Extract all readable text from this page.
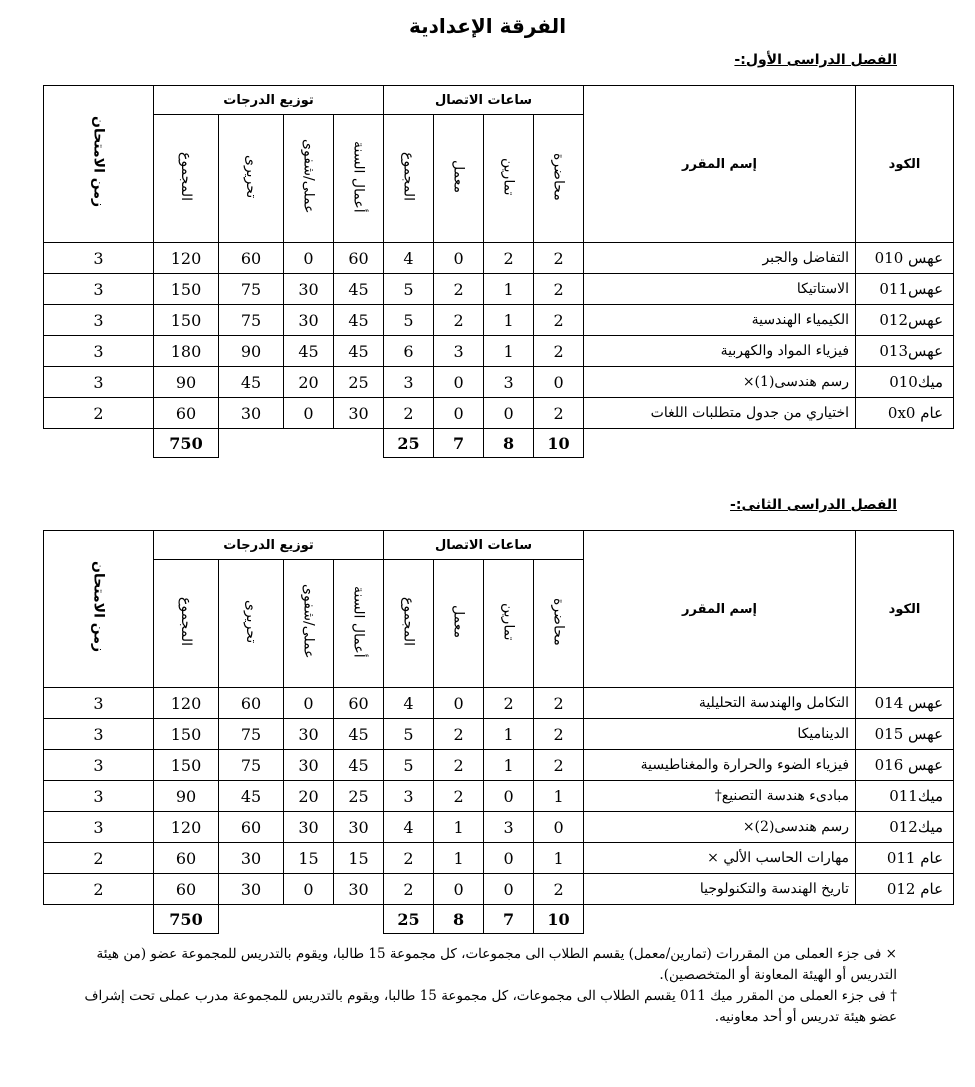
الفرقة الإعدادية
الفصل الدراسى الأول:-
الكود	إسم المقرر	ساعات الاتصال				توزيع الدرجات				زمن الامتحان
		محاضرة	تمارين	معمل	المجموع	أعمال السنة	عملى/شفوى	تحريرى	المجموع	
عهس 010	التفاضل والجبر	2	2	0	4	60	0	60	120	3
عهس011	الاستاتيكا	2	1	2	5	45	30	75	150	3
عهس012	الكيمياء الهندسية	2	1	2	5	45	30	75	150	3
عهس013	فيزياء المواد والكهربية	2	1	3	6	45	45	90	180	3
ميك010	رسم هندسى(1)×	0	3	0	3	25	20	45	90	3
عام 0x0	اختياري من جدول متطلبات اللغات	2	0	0	2	30	0	30	60	2
		10	8	7	25				750	
الفصل الدراسى الثانى:-
الكود	إسم المقرر	ساعات الاتصال				توزيع الدرجات				زمن الامتحان
		محاضرة	تمارين	معمل	المجموع	أعمال السنة	عملى/شفوى	تحريرى	المجموع	
عهس 014	التكامل والهندسة التحليلية	2	2	0	4	60	0	60	120	3
عهس 015	الديناميكا	2	1	2	5	45	30	75	150	3
عهس 016	فيزياء الضوء والحرارة والمغناطيسية	2	1	2	5	45	30	75	150	3
ميك011	مبادىء هندسة التصنيع†	1	0	2	3	25	20	45	90	3
ميك012	رسم هندسى(2)×	0	3	1	4	30	30	60	120	3
عام 011	مهارات الحاسب الألي ×	1	0	1	2	15	15	30	60	2
عام 012	تاريخ الهندسة والتكنولوجيا	2	0	0	2	30	0	30	60	2
		10	7	8	25				750	

× فى جزء العملى من المقررات (تمارين/معمل) يقسم الطلاب الى مجموعات، كل مجموعة 15 طالبا، ويقوم بالتدريس للمجموعة عضو (من هيئة التدريس أو الهيئة المعاونة أو المتخصصين).

† فى جزء العملى من المقرر ميك 011 يقسم الطلاب الى مجموعات، كل مجموعة 15 طالبا، ويقوم بالتدريس للمجموعة مدرب عملى تحت إشراف عضو هيئة تدريس أو أحد معاونيه.
